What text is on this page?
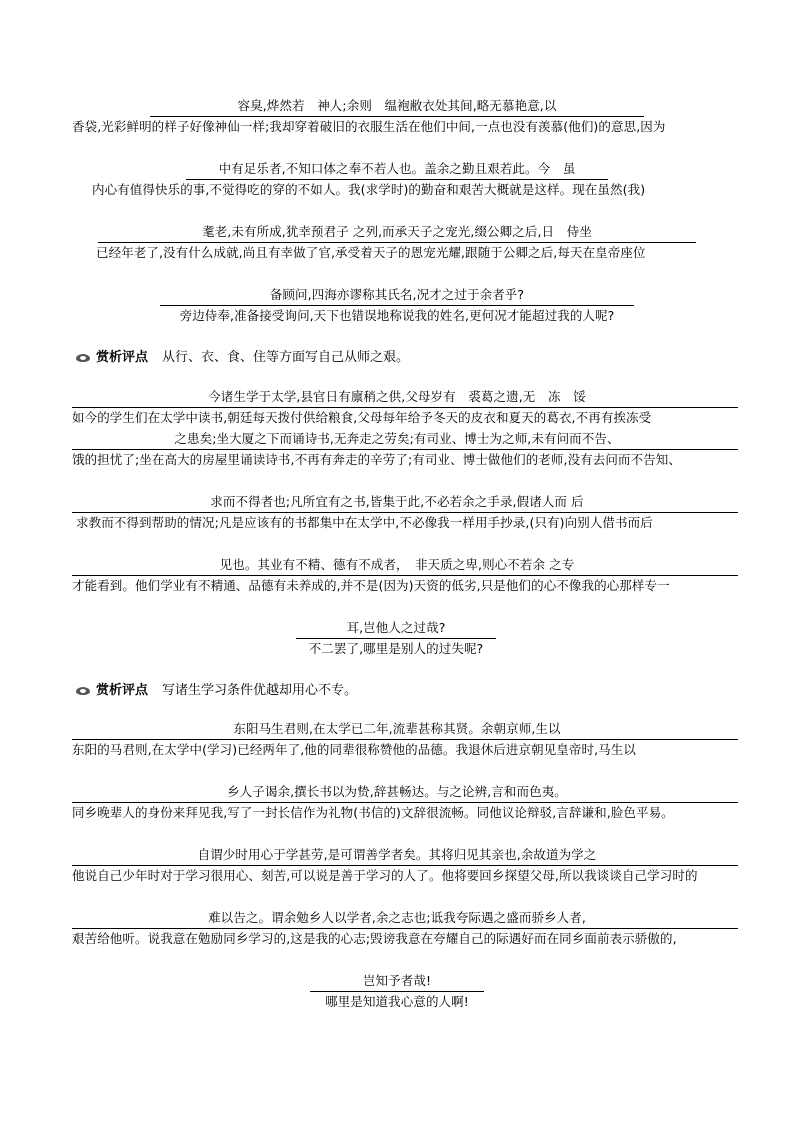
容臭,烨然若　神人;余则　缊袍敝衣处其间,略无慕艳意,以
香袋,光彩鲜明的样子好像神仙一样;我却穿着破旧的衣服生活在他们中间,一点也没有羡慕(他们)的意思,因为
中有足乐者,不知口体之奉不若人也。盖余之勤且艰若此。今　虽
内心有值得快乐的事,不觉得吃的穿的不如人。我(求学时)的勤奋和艰苦大概就是这样。现在虽然(我)
耄老,未有所成,犹幸预君子 之列,而承天子之宠光,缀公卿之后,日　侍坐
已经年老了,没有什么成就,尚且有幸做了官,承受着天子的恩宠光耀,跟随于公卿之后,每天在皇帝座位
备顾问,四海亦谬称其氏名,况才之过于余者乎?
旁边侍奉,准备接受询问,天下也错误地称说我的姓名,更何况才能超过我的人呢?
赏析评点 从行、衣、食、住等方面写自己从师之艰。
今诸生学于太学,县官日有廪稍之供,父母岁有　裘葛之遗,无　冻　馁
如今的学生们在太学中读书,朝廷每天拨付供给粮食,父母每年给予冬天的皮衣和夏天的葛衣,不再有挨冻受
之患矣;坐大厦之下而诵诗书,无奔走之劳矣;有司业、博士为之师,未有问而不告、
饿的担忧了;坐在高大的房屋里诵读诗书,不再有奔走的辛劳了;有司业、博士做他们的老师,没有去问而不告知、
求而不得者也;凡所宜有之书,皆集于此,不必若余之手录,假诸人而 后
求教而不得到帮助的情况;凡是应该有的书都集中在太学中,不必像我一样用手抄录,(只有)向别人借书而后
见也。其业有不精、德有不成者，　非天质之卑,则心不若余 之专
才能看到。他们学业有不精通、品德有未养成的,并不是(因为)天资的低劣,只是他们的心不像我的心那样专一
耳,岂他人之过哉?
不二罢了,哪里是别人的过失呢?
赏析评点 写诸生学习条件优越却用心不专。
东阳马生君则,在太学已二年,流辈甚称其贤。余朝京师,生以
东阳的马君则,在太学中(学习)已经两年了,他的同辈很称赞他的品德。我退休后进京朝见皇帝时,马生以
乡人子谒余,撰长书以为贽,辞甚畅达。与之论辨,言和而色夷。
同乡晚辈人的身份来拜见我,写了一封长信作为礼物(书信的)文辞很流畅。同他议论辩驳,言辞谦和,脸色平易。
自谓少时用心于学甚劳,是可谓善学者矣。其将归见其亲也,余故道为学之
他说自己少年时对于学习很用心、刻苦,可以说是善于学习的人了。他将要回乡探望父母,所以我谈谈自己学习时的
难以告之。谓余勉乡人以学者,余之志也;诋我夸际遇之盛而骄乡人者,
艰苦给他听。说我意在勉励同乡学习的,这是我的心志;毁谤我意在夸耀自己的际遇好而在同乡面前表示骄傲的,
岂知予者哉!
哪里是知道我心意的人啊!
